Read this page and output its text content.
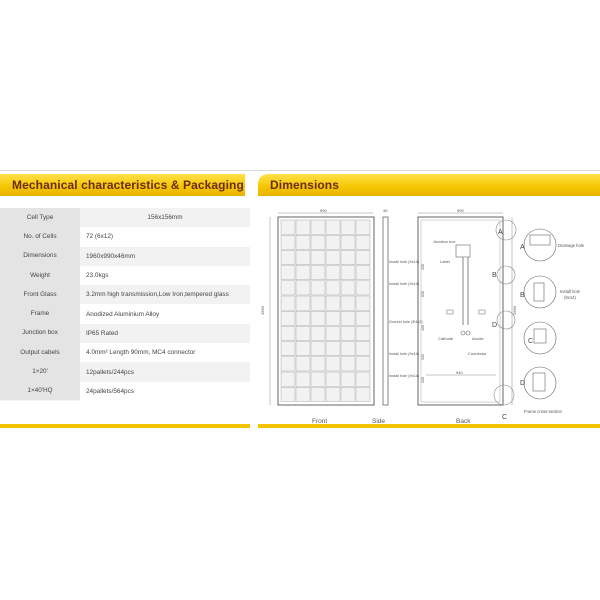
Mechanical characteristics & Packaging	Dimensions
Cell Type	156x156mm
No. of Cells	72 (6x12)
Dimensions	1960x990x46mm
Weight	23.0kgs
Front Glass	3.2mm high transmission,Low Iron,tempered glass
Frame	Anodized Aluminium Alloy
Junction box	IP65 Rated
Output cabels	4.0mm² Length 90mm, MC4 connector
1×20'	12pallets/244pcs
1×40'HQ	24pallets/564pcs
990
1960
46	990
Junction box
Label
Cathode	Anode
Connector
940
1960
Install hole (9x14)
Install hole (9x14)
Ground hole (Φ4x2)
Install hole (9x14)
Install hole (9x14)
330
630
400
330
330
A
B
D
C
A
B
C
D
Drainage hole
Install hole
(9x14)
Frame cross-section
Front	Side	Back
